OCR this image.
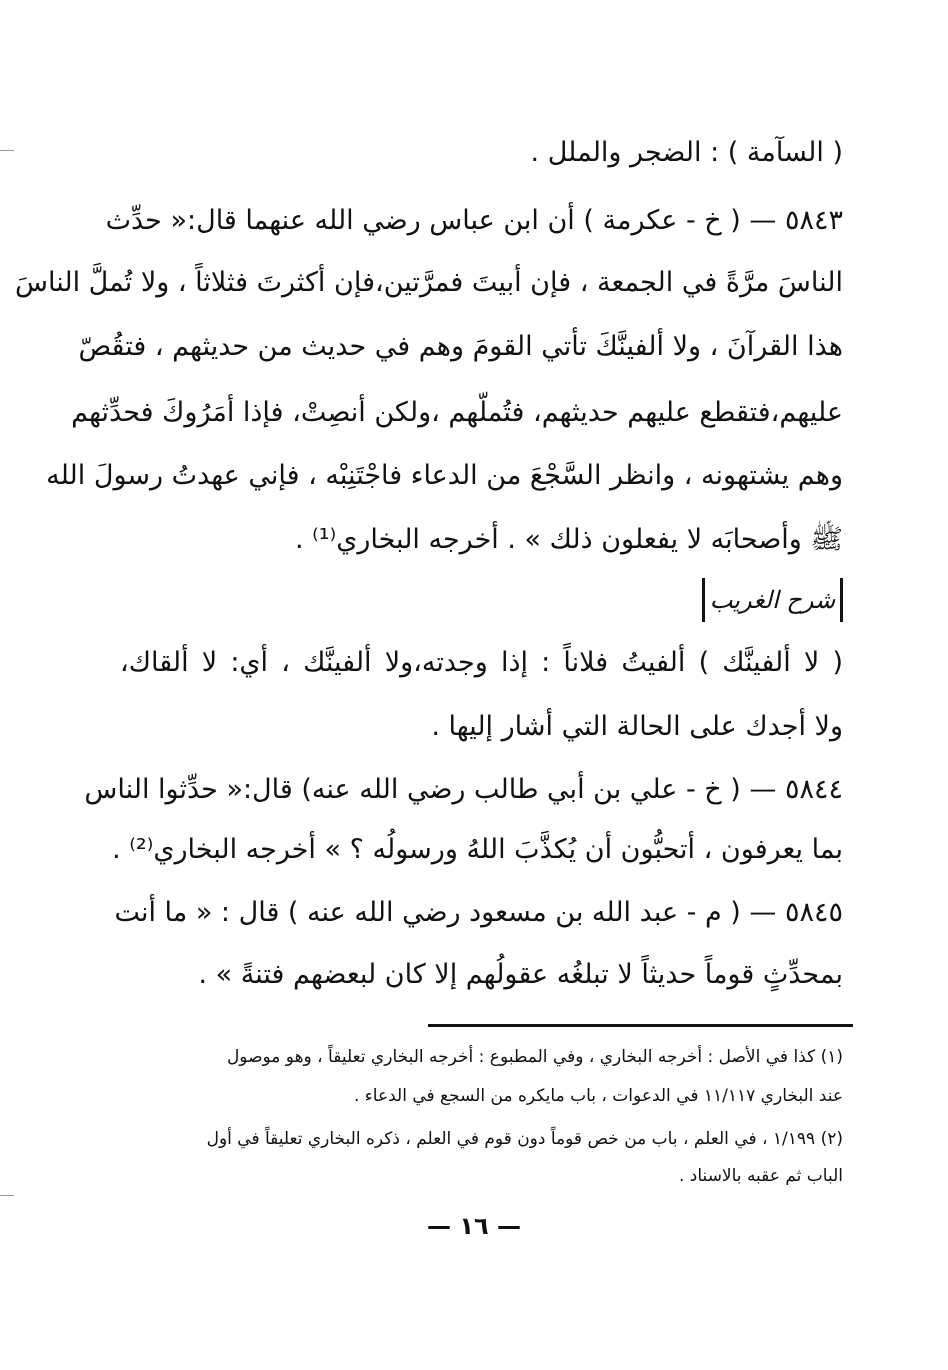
( السآمة ) : الضجر والملل .
٥٨٤٣ — ( خ - عكرمة ) أن ابن عباس رضي الله عنهما قال:« حدِّث
الناسَ مرَّةً في الجمعة ، فإن أبيتَ فمرَّتين،فإن أكثرتَ فثلاثاً ، ولا تُملَّ الناسَ
هذا القرآنَ ، ولا ألفينَّكَ تأتي القومَ وهم في حديث من حديثهم ، فتقُصّ
عليهم،فتقطع عليهم حديثهم، فتُملّهم ،ولكن أنصِتْ، فإذا أمَرُوكَ فحدِّثهم
وهم يشتهونه ، وانظر السَّجْعَ من الدعاء فاجْتَنِبْه ، فإني عهدتُ رسولَ الله
ﷺ وأصحابَه لا يفعلون ذلك » . أخرجه البخاري⁽¹⁾ .
شرح الغريب
( لا ألفينَّك ) ألفيتُ فلاناً : إذا وجدته،ولا ألفينَّك ، أي: لا ألقاك،
ولا أجدك على الحالة التي أشار إليها .
٥٨٤٤ — ( خ - علي بن أبي طالب رضي الله عنه) قال:« حدِّثوا الناس
بما يعرفون ، أتحبُّون أن يُكذَّبَ اللهُ ورسولُه ؟ » أخرجه البخاري⁽²⁾ .
٥٨٤٥ — ( م - عبد الله بن مسعود رضي الله عنه ) قال : « ما أنت
بمحدِّثٍ قوماً حديثاً لا تبلغُه عقولُهم إلا كان لبعضهم فتنةً » .
(١) كذا في الأصل : أخرجه البخاري ، وفي المطبوع : أخرجه البخاري تعليقاً ، وهو موصول
عند البخاري ١١/١١٧ في الدعوات ، باب مايكره من السجع في الدعاء .
(٢) ١/١٩٩ ، في العلم ، باب من خص قوماً دون قوم في العلم ، ذكره البخاري تعليقاً في أول
الباب ثم عقبه بالاسناد .
— ١٦ —
